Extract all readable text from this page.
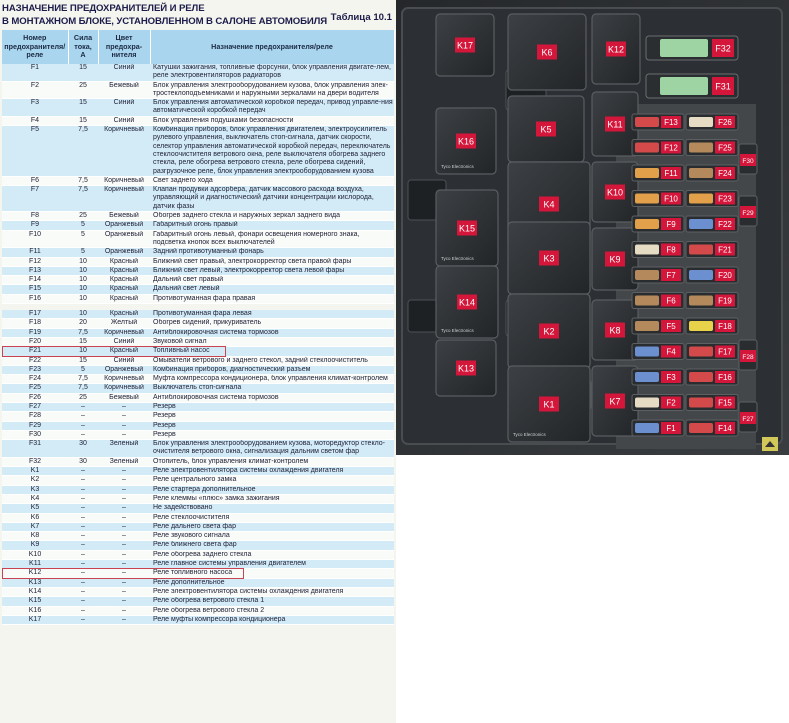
НАЗНАЧЕНИЕ ПРЕДОХРАНИТЕЛЕЙ И РЕЛЕ
В МОНТАЖНОМ БЛОКЕ, УСТАНОВЛЕННОМ В САЛОНЕ АВТОМОБИЛЯ Таблица 10.1
Номер
предохранителя/
реле	Сила
тока,
А	Цвет
предохра-
нителя	Назначение предохранителя/реле
F1	15	Синий	Катушки зажигания, топливные форсунки, блок управления двигате-лем, реле электровентиляторов радиаторов
F2	25	Бежевый	Блок управления электрооборудованием кузова, блок управления элек-тростеклоподъемниками и наружными зеркалами на двери водителя
F3	15	Синий	Блок управления автоматической коробкой передач, привод управле-ния автоматической коробкой передач
F4	15	Синий	Блок управления подушками безопасности
F5	7,5	Коричневый	Комбинация приборов, блок управления двигателем, электроусилитель рулевого управления, выключатель стоп-сигнала, датчик скорости, селектор управления автоматической коробкой передач, переключатель стеклоочистителя ветрового окна, реле выключателя обогрева заднего стекла, реле обогрева ветрового стекла, реле обогрева сидений, разгрузочное реле, блок управления электрооборудованием кузова
F6	7,5	Коричневый	Свет заднего хода
F7	7,5	Коричневый	Клапан продувки адсорбера, датчик массового расхода воздуха, управляющий и диагностический датчики концентрации кислорода, датчик фазы
F8	25	Бежевый	Обогрев заднего стекла и наружных зеркал заднего вида
F9	5	Оранжевый	Габаритный огонь правый
F10	5	Оранжевый	Габаритный огонь левый, фонари освещения номерного знака, подсветка кнопок всех выключателей
F11	5	Оранжевый	Задний противотуманный фонарь
F12	10	Красный	Ближний свет правый, электрокорректор света правой фары
F13	10	Красный	Ближний свет левый, электрокорректор света левой фары
F14	10	Красный	Дальний свет правый
F15	10	Красный	Дальний свет левый
F16	10	Красный	Противотуманная фара правая

F17	10	Красный	Противотуманная фара левая
F18	20	Желтый	Обогрев сидений, прикуриватель
F19	7,5	Коричневый	Антиблокировочная система тормозов
F20	15	Синий	Звуковой сигнал
F21	10	Красный	Топливный насос
F22	15	Синий	Омыватели ветрового и заднего стекол, задний стеклоочиститель
F23	5	Оранжевый	Комбинация приборов, диагностический разъем
F24	7,5	Коричневый	Муфта компрессора кондиционера, блок управления климат-контролем
F25	7,5	Коричневый	Выключатель стоп-сигнала
F26	25	Бежевый	Антиблокировочная система тормозов
F27	–	–	Резерв
F28	–	–	Резерв
F29	–	–	Резерв
F30	–	–	Резерв
F31	30	Зеленый	Блок управления электрооборудованием кузова, моторедуктор стекло-очистителя ветрового окна, сигнализация дальним светом фар
F32	30	Зеленый	Отопитель, блок управления климат-контролем
K1	–	–	Реле электровентилятора системы охлаждения двигателя
K2	–	–	Реле центрального замка
K3	–	–	Реле стартера дополнительное
K4	–	–	Реле клеммы «плюс» замка зажигания
K5	–	–	Не задействовано
K6	–	–	Реле стеклоочистителя
K7	–	–	Реле дальнего света фар
K8	–	–	Реле звукового сигнала
K9	–	–	Реле ближнего света фар
K10	–	–	Реле обогрева заднего стекла
K11	–	–	Реле главное системы управления двигателем
K12	–	–	Реле топливного насоса
K13	–	–	Реле дополнительное
K14	–	–	Реле электровентилятора системы охлаждения двигателя
K15	–	–	Реле обогрева ветрового стекла 1
K16	–	–	Реле обогрева ветрового стекла 2
K17	–	–	Реле муфты компрессора кондиционера
K17
K6	K12
K16
Tyco Electronics
K5	K11
K4
K10
K15
Tyco Electronics	K3	K9
K14
Tyco Electronics	K2	K8
K13
K1
Tyco Electronics
K7
F32
F31
F13
F12
F11
F10
F9
F8
F7
F6
F5
F4
F3
F2
F1
F26
F25
F24
F23
F22
F21
F20
F19
F18
F17
F16
F15
F14
F30
F29
F28
F27
